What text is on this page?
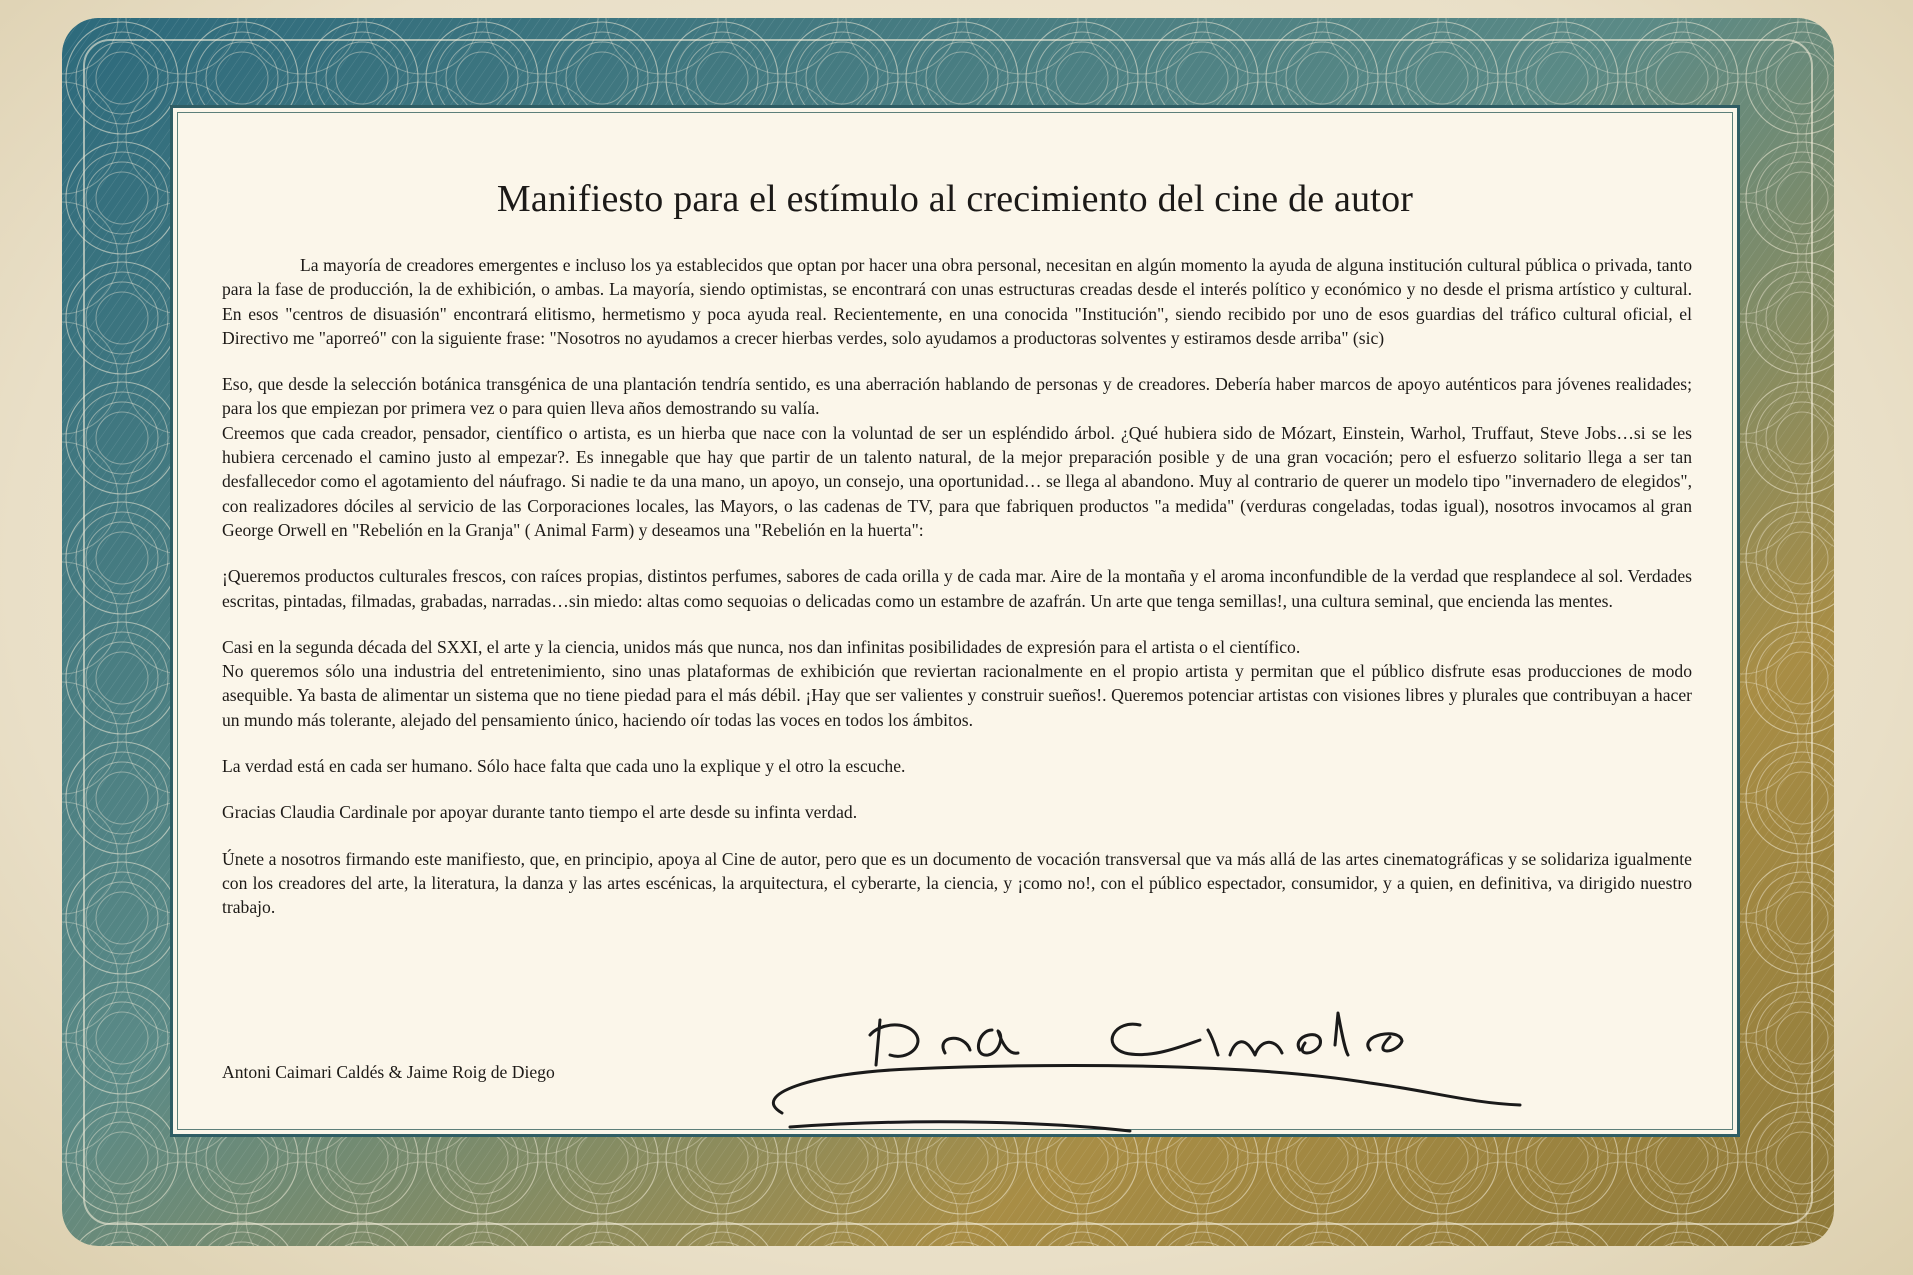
Manifiesto para el estímulo al crecimiento del cine de autor

La mayoría de creadores emergentes e incluso los ya establecidos que optan por hacer una obra personal, necesitan en algún momento la ayuda de alguna institución cultural pública o privada, tanto para la fase de producción, la de exhibición, o ambas. La mayoría, siendo optimistas, se encontrará con unas estructuras creadas desde el interés político y económico y no desde el prisma artístico y cultural. En esos "centros de disuasión" encontrará elitismo, hermetismo y poca ayuda real. Recientemente, en una conocida "Institución", siendo recibido por uno de esos guardias del tráfico cultural oficial, el Directivo me "aporreó" con la siguiente frase: "Nosotros no ayudamos a crecer hierbas verdes, solo ayudamos a productoras solventes y estiramos desde arriba" (sic)

Eso, que desde la selección botánica transgénica de una plantación tendría sentido, es una aberración hablando de personas y de creadores. Debería haber marcos de apoyo auténticos para jóvenes realidades; para los que empiezan por primera vez o para quien lleva años demostrando su valía.

Creemos que cada creador, pensador, científico o artista, es un hierba que nace con la voluntad de ser un espléndido árbol. ¿Qué hubiera sido de Mózart, Einstein, Warhol, Truffaut, Steve Jobs…si se les hubiera cercenado el camino justo al empezar?. Es innegable que hay que partir de un talento natural, de la mejor preparación posible y de una gran vocación; pero el esfuerzo solitario llega a ser tan desfallecedor como el agotamiento del náufrago. Si nadie te da una mano, un apoyo, un consejo, una oportunidad… se llega al abandono. Muy al contrario de querer un modelo tipo "invernadero de elegidos", con realizadores dóciles al servicio de las Corporaciones locales, las Mayors, o las cadenas de TV, para que fabriquen productos "a medida" (verduras congeladas, todas igual), nosotros invocamos al gran George Orwell en "Rebelión en la Granja" ( Animal Farm) y deseamos una "Rebelión en la huerta":

¡Queremos productos culturales frescos, con raíces propias, distintos perfumes, sabores de cada orilla y de cada mar. Aire de la montaña y el aroma inconfundible de la verdad que resplandece al sol. Verdades escritas, pintadas, filmadas, grabadas, narradas…sin miedo: altas como sequoias o delicadas como un estambre de azafrán. Un arte que tenga semillas!, una cultura seminal, que encienda las mentes.

Casi en la segunda década del SXXI, el arte y la ciencia, unidos más que nunca, nos dan infinitas posibilidades de expresión para el artista o el científico.

No queremos sólo una industria del entretenimiento, sino unas plataformas de exhibición que reviertan racionalmente en el propio artista y permitan que el público disfrute esas producciones de modo asequible. Ya basta de alimentar un sistema que no tiene piedad para el más débil. ¡Hay que ser valientes y construir sueños!. Queremos potenciar artistas con visiones libres y plurales que contribuyan a hacer un mundo más tolerante, alejado del pensamiento único, haciendo oír todas las voces en todos los ámbitos.

La verdad está en cada ser humano. Sólo hace falta que cada uno la explique y el otro la escuche.

Gracias Claudia Cardinale por apoyar durante tanto tiempo el arte desde su infinta verdad.

Únete a nosotros firmando este manifiesto, que, en principio, apoya al Cine de autor, pero que es un documento de vocación transversal que va más allá de las artes cinematográficas y se solidariza igualmente con los creadores del arte, la literatura, la danza y las artes escénicas, la arquitectura, el cyberarte, la ciencia, y ¡como no!, con el público espectador, consumidor, y a quien, en definitiva, va dirigido nuestro trabajo.

Antoni Caimari Caldés & Jaime Roig de Diego
